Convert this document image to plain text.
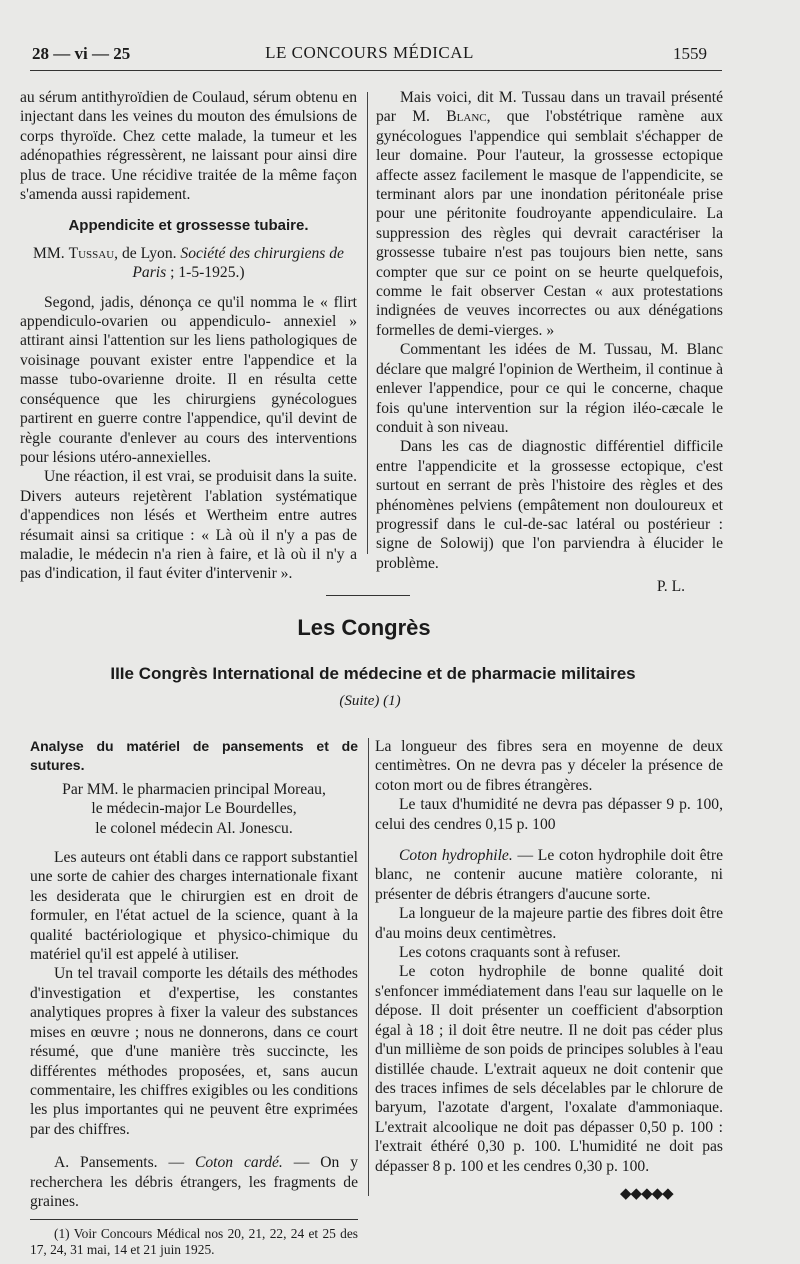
28 — vi — 25	LE CONCOURS MÉDICAL	1559

au sérum antithyroïdien de Coulaud, sérum obtenu en injectant dans les veines du mouton des émulsions de corps thyroïde. Chez cette malade, la tumeur et les adénopathies régressèrent, ne laissant pour ainsi dire plus de trace. Une récidive traitée de la même façon s'amenda aussi rapidement.

Appendicite et grossesse tubaire.

MM. Tussau, de Lyon. Société des chirurgiens de Paris ; 1-5-1925.)

Segond, jadis, dénonça ce qu'il nomma le « flirt appendiculo-ovarien ou appendiculo- annexiel » attirant ainsi l'attention sur les liens pathologiques de voisinage pouvant exister entre l'appendice et la masse tubo-ovarienne droite. Il en résulta cette conséquence que les chirurgiens gynécologues partirent en guerre contre l'appendice, qu'il devint de règle courante d'enlever au cours des interventions pour lésions utéro-annexielles.

Une réaction, il est vrai, se produisit dans la suite. Divers auteurs rejetèrent l'ablation systématique d'appendices non lésés et Wertheim entre autres résumait ainsi sa critique : « Là où il n'y a pas de maladie, le médecin n'a rien à faire, et là où il n'y a pas d'indication, il faut éviter d'intervenir ».

Mais voici, dit M. Tussau dans un travail présenté par M. Blanc, que l'obstétrique ramène aux gynécologues l'appendice qui semblait s'échapper de leur domaine. Pour l'auteur, la grossesse ectopique affecte assez facilement le masque de l'appendicite, se terminant alors par une inondation péritonéale prise pour une péritonite foudroyante appendiculaire. La suppression des règles qui devrait caractériser la grossesse tubaire n'est pas toujours bien nette, sans compter que sur ce point on se heurte quelquefois, comme le fait observer Cestan « aux protestations indignées de veuves incorrectes ou aux dénégations formelles de demi-vierges. »

Commentant les idées de M. Tussau, M. Blanc déclare que malgré l'opinion de Wertheim, il continue à enlever l'appendice, pour ce qui le concerne, chaque fois qu'une intervention sur la région iléo-cæcale le conduit à son niveau.

Dans les cas de diagnostic différentiel difficile entre l'appendicite et la grossesse ectopique, c'est surtout en serrant de près l'histoire des règles et des phénomènes pelviens (empâtement non douloureux et progressif dans le cul-de-sac latéral ou postérieur : signe de Solowij) que l'on parviendra à élucider le problème.

P. L.

Les Congrès
IIIe Congrès International de médecine et de pharmacie militaires
(Suite) (1)

Analyse du matériel de pansements et de sutures.

Par MM. le pharmacien principal Moreau,

le médecin-major Le Bourdelles,

le colonel médecin Al. Jonescu.

Les auteurs ont établi dans ce rapport substantiel une sorte de cahier des charges internationale fixant les desiderata que le chirurgien est en droit de formuler, en l'état actuel de la science, quant à la qualité bactériologique et physico-chimique du matériel qu'il est appelé à utiliser.

Un tel travail comporte les détails des méthodes d'investigation et d'expertise, les constantes analytiques propres à fixer la valeur des substances mises en œuvre ; nous ne donnerons, dans ce court résumé, que d'une manière très succincte, les différentes méthodes proposées, et, sans aucun commentaire, les chiffres exigibles ou les conditions les plus importantes qui ne peuvent être exprimées par des chiffres.

A. Pansements. — Coton cardé. — On y recherchera les débris étrangers, les fragments de graines.

(1) Voir Concours Médical nos 20, 21, 22, 24 et 25 des 17, 24, 31 mai, 14 et 21 juin 1925.

La longueur des fibres sera en moyenne de deux centimètres. On ne devra pas y déceler la présence de coton mort ou de fibres étrangères.

Le taux d'humidité ne devra pas dépasser 9 p. 100, celui des cendres 0,15 p. 100

Coton hydrophile. — Le coton hydrophile doit être blanc, ne contenir aucune matière colorante, ni présenter de débris étrangers d'aucune sorte.

La longueur de la majeure partie des fibres doit être d'au moins deux centimètres.

Les cotons craquants sont à refuser.

Le coton hydrophile de bonne qualité doit s'enfoncer immédiatement dans l'eau sur laquelle on le dépose. Il doit présenter un coefficient d'absorption égal à 18 ; il doit être neutre. Il ne doit pas céder plus d'un millième de son poids de principes solubles à l'eau distillée chaude. L'extrait aqueux ne doit contenir que des traces infimes de sels décelables par le chlorure de baryum, l'azotate d'argent, l'oxalate d'ammoniaque. L'extrait alcoolique ne doit pas dépasser 0,50 p. 100 : l'extrait éthéré 0,30 p. 100. L'humidité ne doit pas dépasser 8 p. 100 et les cendres 0,30 p. 100.

◆◆◆◆◆
